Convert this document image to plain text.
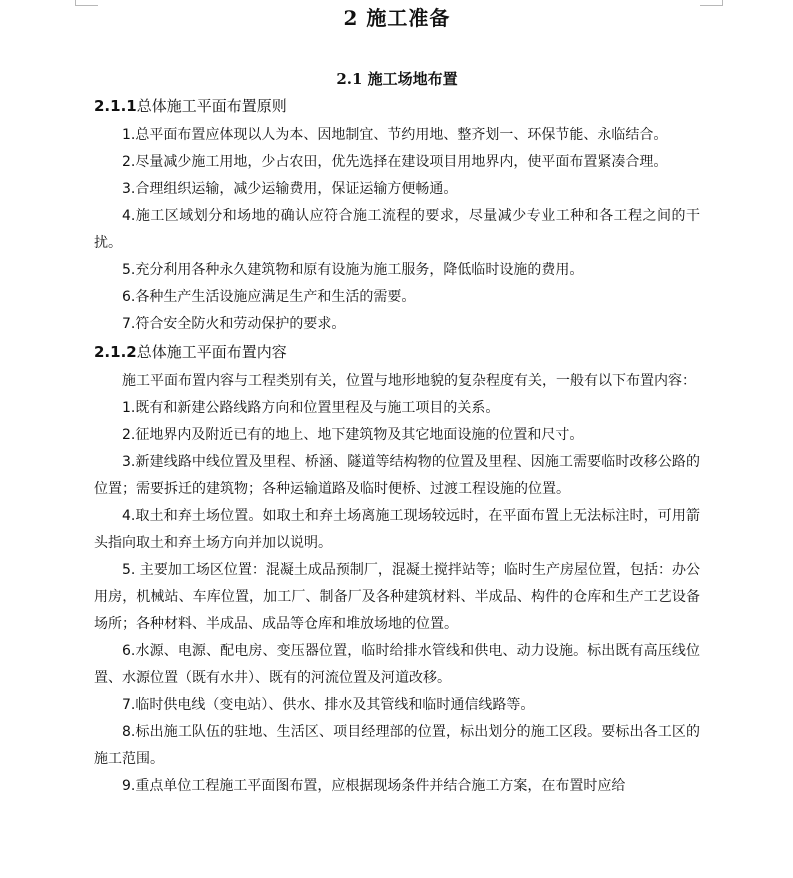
2 施工准备
2.1 施工场地布置
2.1.1总体施工平面布置原则

1.总平面布置应体现以人为本、因地制宜、节约用地、整齐划一、环保节能、永临结合。

2.尽量减少施工用地，少占农田，优先选择在建设项目用地界内，使平面布置紧凑合理。

3.合理组织运输，减少运输费用，保证运输方便畅通。

4.施工区域划分和场地的确认应符合施工流程的要求，尽量减少专业工种和各工程之间的干扰。

5.充分利用各种永久建筑物和原有设施为施工服务，降低临时设施的费用。

6.各种生产生活设施应满足生产和生活的需要。

7.符合安全防火和劳动保护的要求。

2.1.2总体施工平面布置内容

施工平面布置内容与工程类别有关，位置与地形地貌的复杂程度有关，一般有以下布置内容：

1.既有和新建公路线路方向和位置里程及与施工项目的关系。

2.征地界内及附近已有的地上、地下建筑物及其它地面设施的位置和尺寸。

3.新建线路中线位置及里程、桥涵、隧道等结构物的位置及里程、因施工需要临时改移公路的位置；需要拆迁的建筑物；各种运输道路及临时便桥、过渡工程设施的位置。

4.取土和弃土场位置。如取土和弃土场离施工现场较远时，在平面布置上无法标注时，可用箭头指向取土和弃土场方向并加以说明。

5. 主要加工场区位置：混凝土成品预制厂，混凝土搅拌站等；临时生产房屋位置，包括：办公用房，机械站、车库位置，加工厂、制备厂及各种建筑材料、半成品、构件的仓库和生产工艺设备场所；各种材料、半成品、成品等仓库和堆放场地的位置。

6.水源、电源、配电房、变压器位置，临时给排水管线和供电、动力设施。标出既有高压线位置、水源位置（既有水井）、既有的河流位置及河道改移。

7.临时供电线（变电站）、供水、排水及其管线和临时通信线路等。

8.标出施工队伍的驻地、生活区、项目经理部的位置，标出划分的施工区段。要标出各工区的施工范围。

9.重点单位工程施工平面图布置，应根据现场条件并结合施工方案，在布置时应给
